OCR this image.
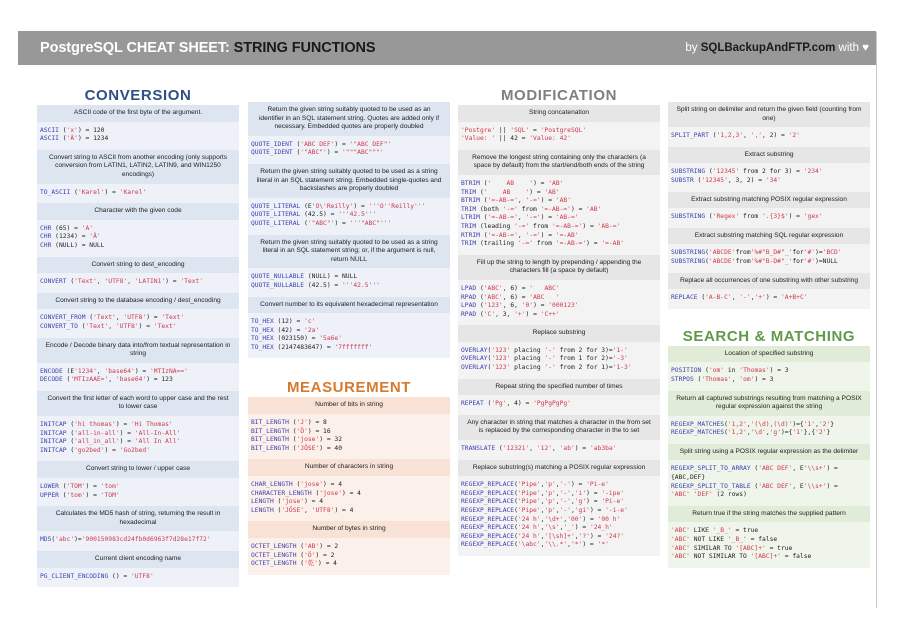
PostgreSQL CHEAT SHEET: STRING FUNCTIONS	by SQLBackupAndFTP.com with ♥
CONVERSION
ASCII code of the first byte of the argument.
ASCII ('x') = 120
ASCII ('Ä') = 1234
Convert string to ASCII from another encoding (only supports conversion from LATIN1, LATIN2, LATIN9, and WIN1250 encodings)
TO_ASCII ('Karel') = 'Karel'
Character with the given code
CHR (65) = 'A'
CHR (1234) = 'Ä'
CHR (NULL) = NULL
Convert string to dest_encoding
CONVERT ('Text', 'UTF8', 'LATIN1') = 'Text'
Convert string to the database encoding / dest_encoding
CONVERT_FROM ('Text', 'UTF8') = 'Text'
CONVERT_TO ('Text', 'UTF8') = 'Text'
Encode / Decode binary data into/from textual representation in string
ENCODE (E'1234', 'base64') = 'MTIzNA=='
DECODE ('MTIzAAE=', 'base64') = 123
Convert the first letter of each word to upper case and the rest to lower case
INITCAP ('hi thomas') = 'Hi Thomas'
INITCAP ('all-in-all') = 'All-In-All'
INITCAP ('all_in_all') = 'All In All'
INITCAP ('go2bed') = 'Go2bed'
Convert string to lower / upper case
LOWER ('TOM') = 'tom'
UPPER ('tom') = 'TOM'
Calculates the MD5 hash of string, returning the result in hexadecimal
MD5('abc')='900150983cd24fb0d6963f7d28e17f72'
Current client encoding name
PG_CLIENT_ENCODING () = 'UTF8'
Return the given string suitably quoted to be used as an identifier in an SQL statement string. Quotes are added only if necessary. Embedded quotes are properly doubled
QUOTE_IDENT ('ABC DEF') = '"ABC DEF"'
QUOTE_IDENT ('"ABC"') = '"""ABC"""'
Return the given string suitably quoted to be used as a string literal in an SQL statement string. Embedded single-quotes and backslashes are properly doubled
QUOTE_LITERAL (E'O\'Reilly') = '''O''Reilly'''
QUOTE_LITERAL (42.5) = '''42.5'''
QUOTE_LITERAL ('"ABC"') = '''"ABC"'''
Return the given string suitably quoted to be used as a string literal in an SQL statement string; or, if the argument is null, return NULL
QUOTE_NULLABLE (NULL) = NULL
QUOTE_NULLABLE (42.5) = '''42.5'''
Convert number to its equivalent hexadecimal representation
TO_HEX (12) = 'c'
TO_HEX (42) = '2a'
TO_HEX (023150) = '5a6e'
TO_HEX (2147483647) = '7fffffff'
MEASUREMENT
Number of bits in string
BIT_LENGTH ('J') = 8
BIT_LENGTH ('Ö') = 16
BIT_LENGTH ('jose') = 32
BIT_LENGTH ('JÖSE') = 40
Number of characters in string
CHAR_LENGTH ('jose') = 4
CHARACTER_LENGTH ('jose') = 4
LENGTH ('jose') = 4
LENGTH ('JÖSE', 'UTF8') = 4
Number of bytes in string
OCTET_LENGTH ('AB') = 2
OCTET_LENGTH ('Ö') = 2
OCTET_LENGTH ('乾') = 4
MODIFICATION
String concatenation
'Postgre' || 'SQL' = 'PostgreSQL'
'Value: ' || 42 = 'Value: 42'
Remove the longest string containing only the characters (a space by default) from the start/end/both ends of the string
BTRIM ('    AB    ') = 'AB'
TRIM ('    AB    ') = 'AB'
BTRIM ('=-AB-=', '-=') = 'AB'
TRIM (both '-=' from '=-AB-=') = 'AB'
LTRIM ('=-AB-=', '-=') = 'AB-='
TRIM (leading '-=' from '=-AB-=') = 'AB-='
RTRIM ('=-AB-=', '-=') = '=-AB'
TRIM (trailing '-=' from '=-AB-=') = '=-AB'
Fill up the string to length by prepending / appending the characters fill (a space by default)
LPAD ('ABC', 6) = '   ABC'
RPAD ('ABC', 6) = 'ABC   '
LPAD ('123', 6, '0') = '000123'
RPAD ('C', 3, '+') = 'C++'
Replace substring
OVERLAY('123' placing '-' from 2 for 3)='1-'
OVERLAY('123' placing '-' from 1 for 2)='-3'
OVERLAY('123' placing '-' from 2 for 1)='1-3'
Repeat string the specified number of times
REPEAT ('Pg', 4) = 'PgPgPgPg'
Any character in string that matches a character in the from set is replaced by the corresponding character in the to set
TRANSLATE ('12321', '12', 'ab') = 'ab3ba'
Replace substring(s) matching a POSIX regular expression
REGEXP_REPLACE('Pipe','p','-') = 'Pi-e'
REGEXP_REPLACE('Pipe','p','-','i') = '-ipe'
REGEXP_REPLACE('Pipe','p','-','g') = 'Pi-e'
REGEXP_REPLACE('Pipe','p','-','gi') = '-i-e'
REGEXP_REPLACE('24 h','\d+','00') = '00 h'
REGEXP_REPLACE('24 h','\s','_') = '24_h'
REGEXP_REPLACE('24 h','[\sh]+','?') = '24?'
REGEXP_REPLACE('\abc','\\.*','*') = '*'
Split string on delimiter and return the given field (counting from one)
SPLIT_PART ('1,2,3', ',', 2) = '2'
Extract substring
SUBSTRING ('12345' from 2 for 3) = '234'
SUBSTR ('12345', 3, 2) = '34'
Extract substring matching POSIX regular expression
SUBSTRING ('Regex' from '.{3}$') = 'gex'
Extract substring matching SQL regular expression
SUBSTRING('ABCDE'from'%#"B_D#"_'for'#')='BCD'
SUBSTRING('ABCDE'from'%#"B-D#"_'for'#')=NULL
Replace all occurrences of one substring with other substring
REPLACE ('A-B-C', '-','+') = 'A+B+C'
SEARCH & MATCHING
Location of specified substring
POSITION ('om' in 'Thomas') = 3
STRPOS ('Thomas', 'om') = 3
Return all captured substrings resulting from matching a POSIX regular expression against the string
REGEXP_MATCHES('1,2','(\d),(\d)')={'1','2'}
REGEXP_MATCHES('1,2','\d','g')={'1'},{'2'}
Split string using a POSIX regular expression as the delimiter
REGEXP_SPLIT_TO_ARRAY ('ABC DEF', E'\\s+') =
{ABC,DEF}
REGEXP_SPLIT_TO_TABLE ('ABC DEF', E'\\s+') =
'ABC' 'DEF' (2 rows)
Return true if the string matches the supplied pattern
'ABC' LIKE '_B_' = true
'ABC' NOT LIKE '_B_' = false
'ABC' SIMILAR TO '[ABC]+' = true
'ABC' NOT SIMILAR TO '[ABC]+' = false
